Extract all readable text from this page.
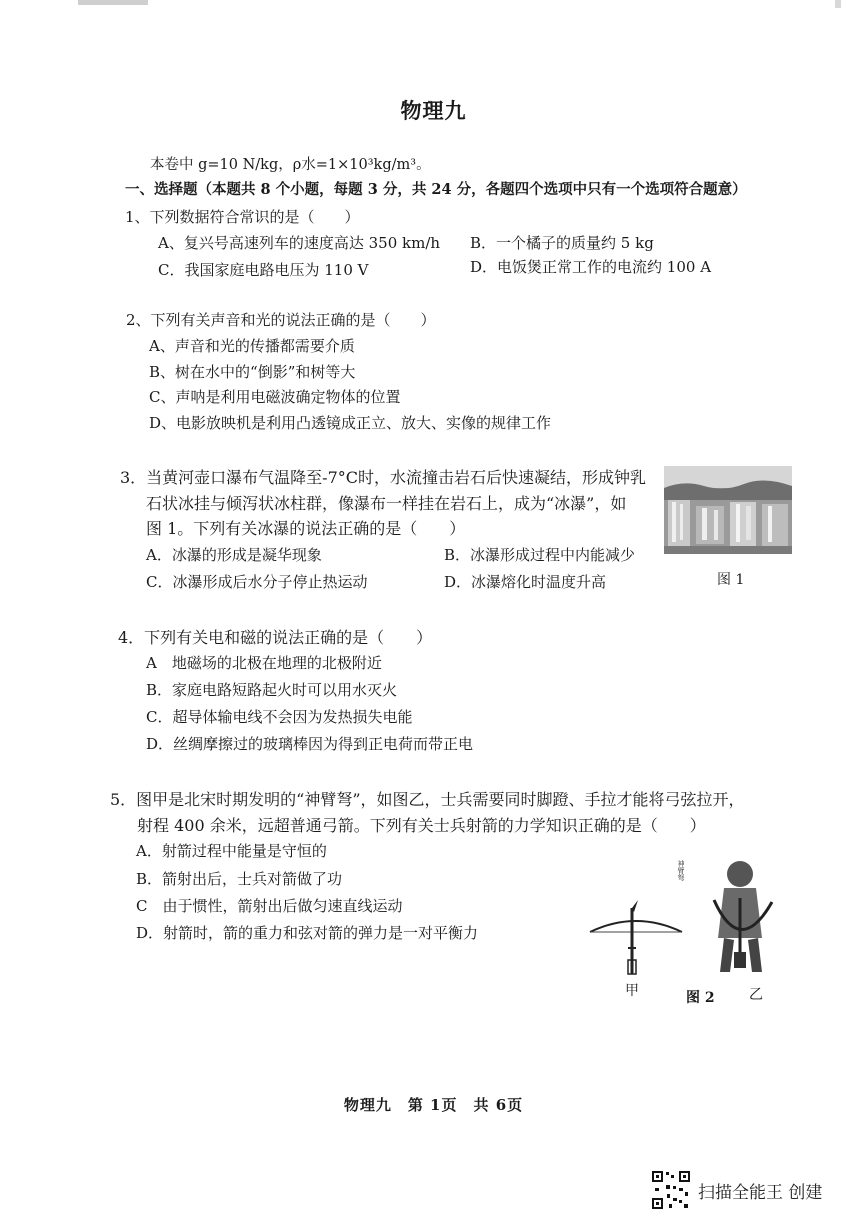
物理九
本卷中 g=10 N/kg，ρ水=1×10³kg/m³。
一、选择题（本题共 8 个小题，每题 3 分，共 24 分，各题四个选项中只有一个选项符合题意）
1、下列数据符合常识的是（　　）
A、复兴号高速列车的速度高达 350 km/h B．一个橘子的质量约 5 kg
C．我国家庭电路电压为 110 V	D．电饭煲正常工作的电流约 100 A
2、下列有关声音和光的说法正确的是（　　）
A、声音和光的传播都需要介质
B、树在水中的“倒影”和树等大
C、声呐是利用电磁波确定物体的位置
D、电影放映机是利用凸透镜成正立、放大、实像的规律工作
3．当黄河壶口瀑布气温降至-7°C时，水流撞击岩石后快速凝结，形成钟乳
石状冰挂与倾泻状冰柱群，像瀑布一样挂在岩石上，成为“冰瀑”，如
图 1。下列有关冰瀑的说法正确的是（　　）
A．冰瀑的形成是凝华现象	B．冰瀑形成过程中内能减少
C．冰瀑形成后水分子停止热运动	D．冰瀑熔化时温度升高	图 1
4．下列有关电和磁的说法正确的是（　　）
A　地磁场的北极在地理的北极附近
B．家庭电路短路起火时可以用水灭火
C．超导体输电线不会因为发热损失电能
D．丝绸摩擦过的玻璃棒因为得到正电荷而带正电
5．图甲是北宋时期发明的“神臂弩”，如图乙，士兵需要同时脚蹬、手拉才能将弓弦拉开，
射程 400 余米，远超普通弓箭。下列有关士兵射箭的力学知识正确的是（　　）
A．射箭过程中能量是守恒的
B．箭射出后，士兵对箭做了功
C　由于惯性，箭射出后做匀速直线运动
D．射箭时，箭的重力和弦对箭的弹力是一对平衡力
神臂弩
甲	图 2 乙
物理九　第 1页　共 6页
扫描全能王 创建
